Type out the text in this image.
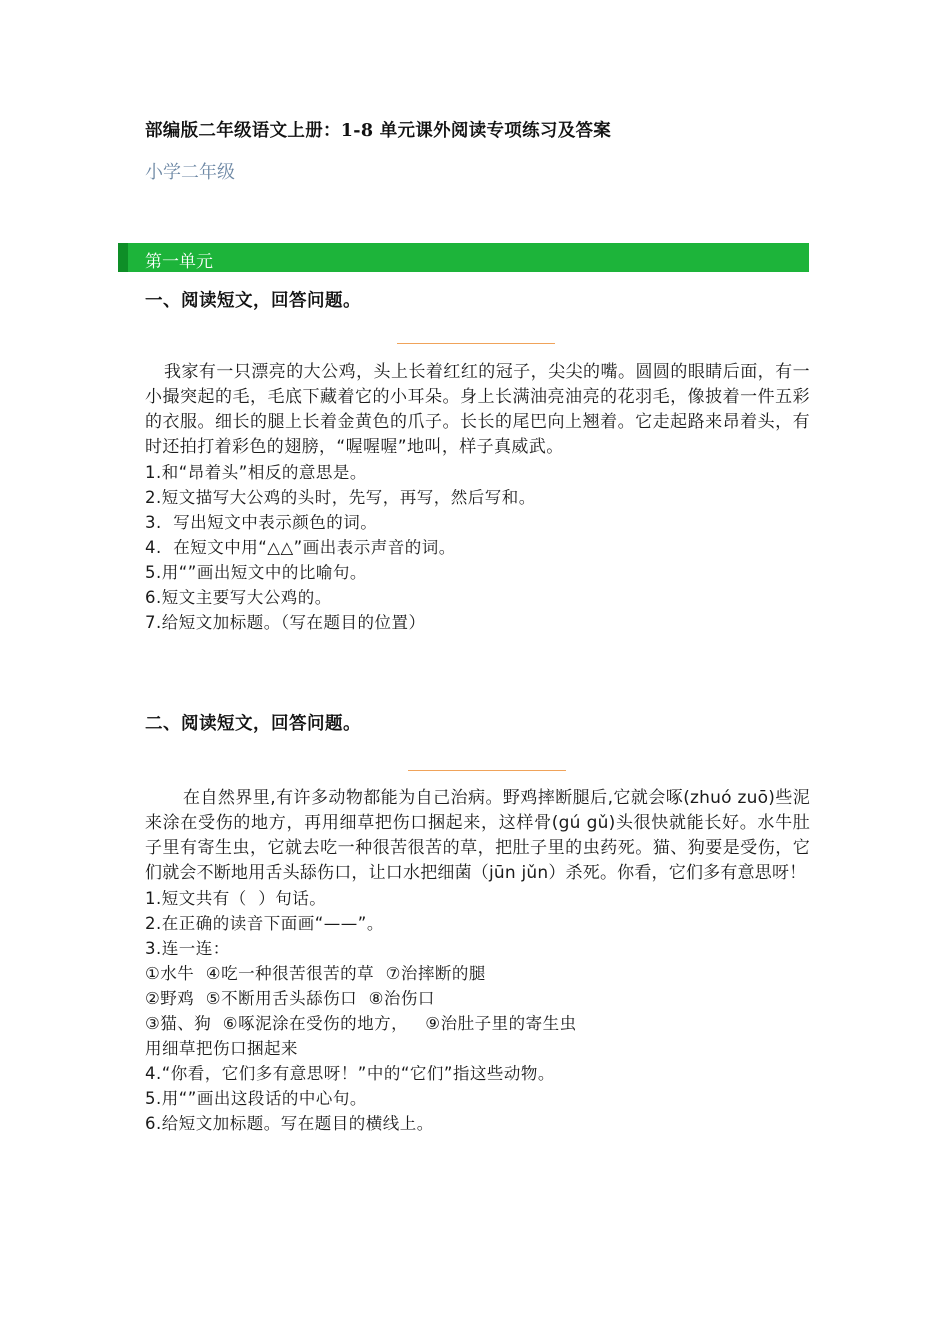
部编版二年级语文上册：1-8 单元课外阅读专项练习及答案

小学二年级

第一单元

一、阅读短文，回答问题。

我家有一只漂亮的大公鸡，头上长着红红的冠子，尖尖的嘴。圆圆的眼睛后面，有一小撮突起的毛，毛底下藏着它的小耳朵。身上长满油亮油亮的花羽毛，像披着一件五彩的衣服。细长的腿上长着金黄色的爪子。长长的尾巴向上翘着。它走起路来昂着头，有时还拍打着彩色的翅膀，“喔喔喔”地叫，样子真威武。

1.和“昂着头”相反的意思是。

2.短文描写大公鸡的头时，先写，再写，然后写和。

3.  写出短文中表示颜色的词。

4.  在短文中用“△△”画出表示声音的词。

5.用“”画出短文中的比喻句。

6.短文主要写大公鸡的。

7.给短文加标题。（写在题目的位置）

二、阅读短文，回答问题。

在自然界里,有许多动物都能为自己治病。野鸡摔断腿后,它就会啄(zhuó zuō)些泥来涂在受伤的地方，再用细草把伤口捆起来，这样骨(gú gǔ)头很快就能长好。水牛肚子里有寄生虫，它就去吃一种很苦很苦的草，把肚子里的虫药死。猫、狗要是受伤，它们就会不断地用舌头舔伤口，让口水把细菌（jūn jǔn）杀死。你看，它们多有意思呀！

1.短文共有（  ）句话。

2.在正确的读音下面画“——”。

3.连一连：

①水牛  ④吃一种很苦很苦的草  ⑦治摔断的腿

②野鸡  ⑤不断用舌头舔伤口  ⑧治伤口

③猫、狗  ⑥啄泥涂在受伤的地方，   ⑨治肚子里的寄生虫

用细草把伤口捆起来

4.“你看，它们多有意思呀！”中的“它们”指这些动物。

5.用“”画出这段话的中心句。

6.给短文加标题。写在题目的横线上。
